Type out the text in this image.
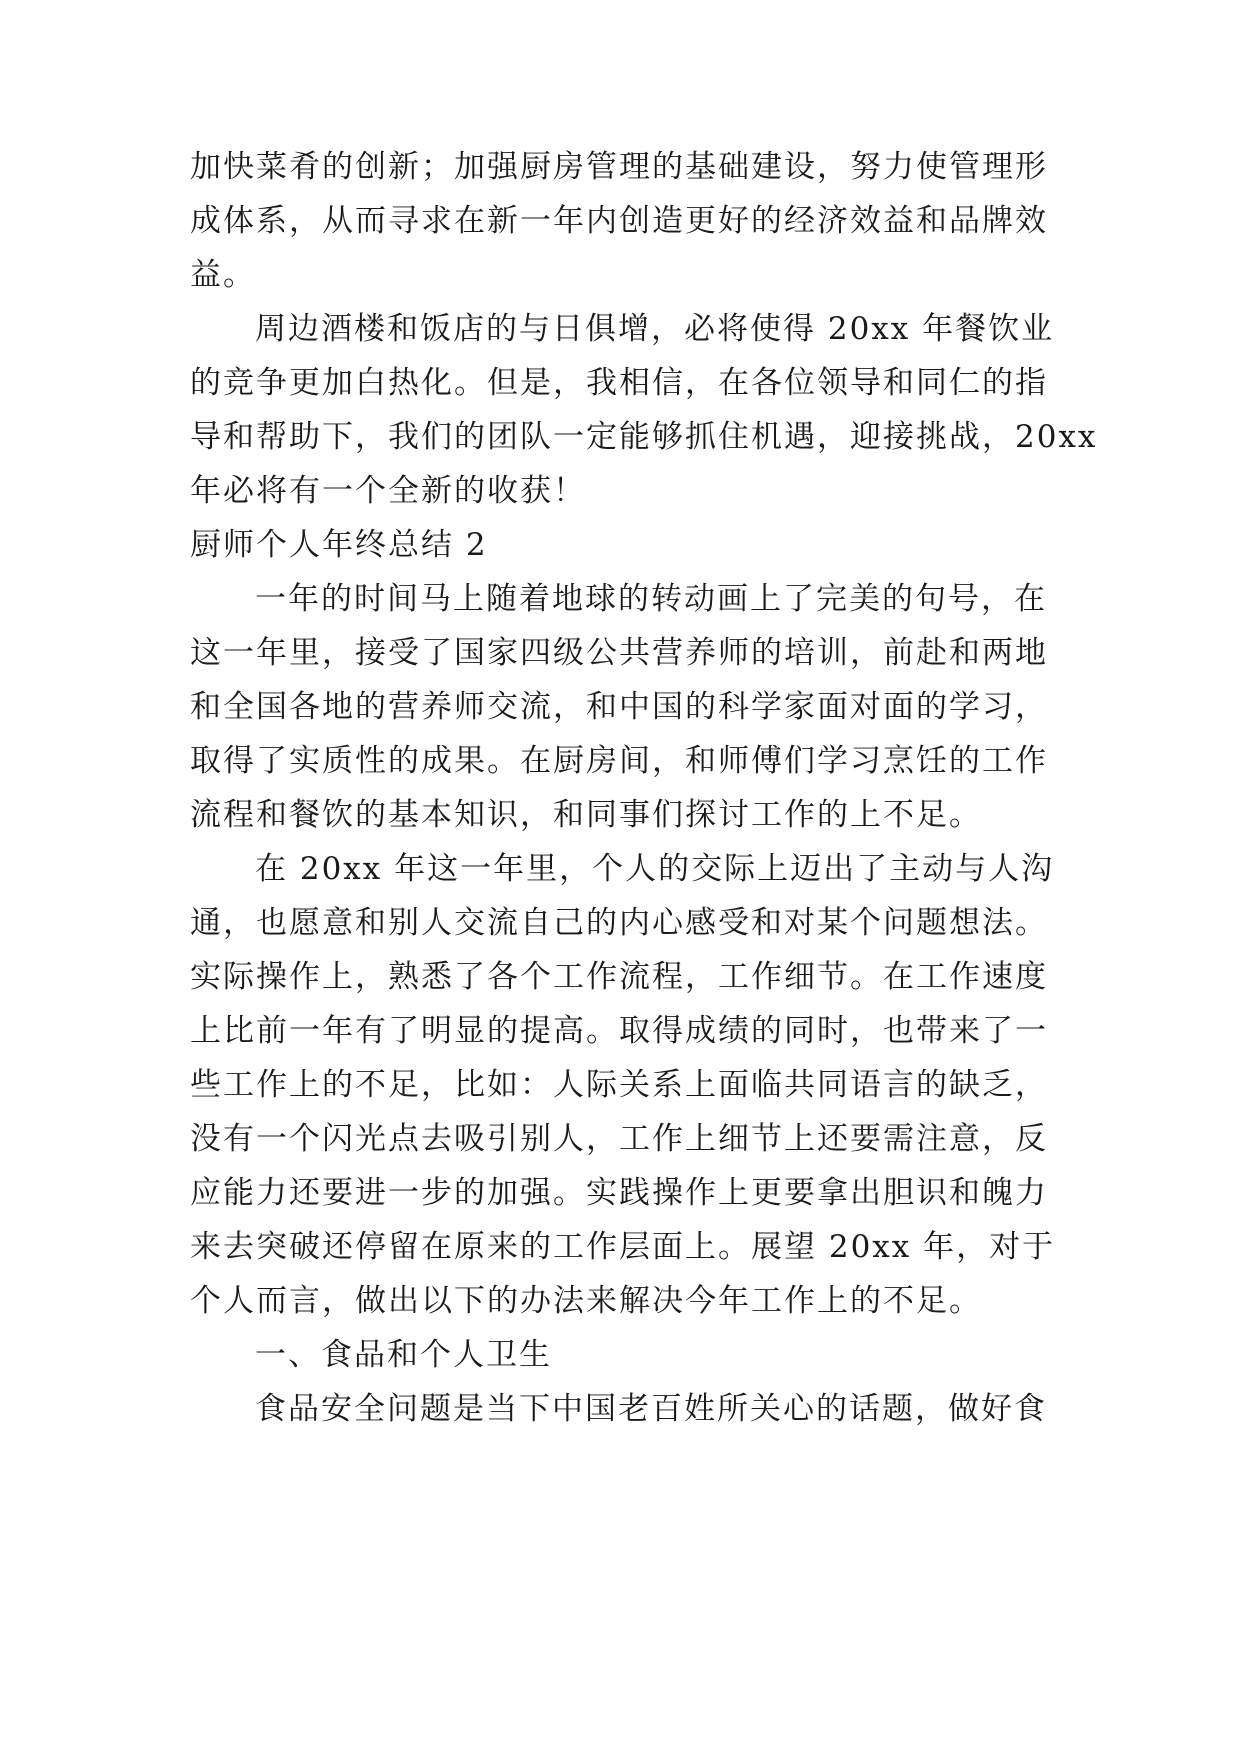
加快菜肴的创新；加强厨房管理的基础建设，努力使管理形
成体系，从而寻求在新一年内创造更好的经济效益和品牌效
益。
周边酒楼和饭店的与日俱增，必将使得 20xx 年餐饮业
的竞争更加白热化。但是，我相信，在各位领导和同仁的指
导和帮助下，我们的团队一定能够抓住机遇，迎接挑战，20xx
年必将有一个全新的收获！
厨师个人年终总结 2
一年的时间马上随着地球的转动画上了完美的句号，在
这一年里，接受了国家四级公共营养师的培训，前赴和两地
和全国各地的营养师交流，和中国的科学家面对面的学习，
取得了实质性的成果。在厨房间，和师傅们学习烹饪的工作
流程和餐饮的基本知识，和同事们探讨工作的上不足。
在 20xx 年这一年里，个人的交际上迈出了主动与人沟
通，也愿意和别人交流自己的内心感受和对某个问题想法。
实际操作上，熟悉了各个工作流程，工作细节。在工作速度
上比前一年有了明显的提高。取得成绩的同时，也带来了一
些工作上的不足，比如：人际关系上面临共同语言的缺乏，
没有一个闪光点去吸引别人，工作上细节上还要需注意，反
应能力还要进一步的加强。实践操作上更要拿出胆识和魄力
来去突破还停留在原来的工作层面上。展望 20xx 年，对于
个人而言，做出以下的办法来解决今年工作上的不足。
一、食品和个人卫生
食品安全问题是当下中国老百姓所关心的话题，做好食
